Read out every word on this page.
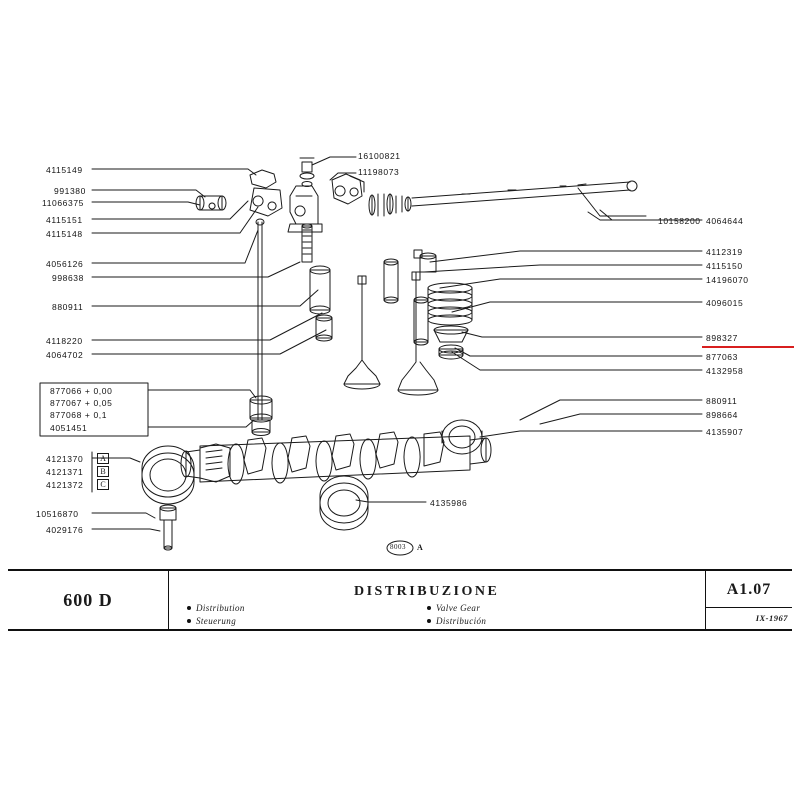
4115149
991380
11066375
4115151
4115148
4056126
998638
880911
4118220
4064702
877066 + 0,00
877067 + 0,05
877068 + 0,1
4051451
4121370
4121371
4121372
A
B
C
10516870
4029176
16100821
11198073
10158200 4064644
4112319
4115150
14196070
4096015
898327
877063
4132958
880911
898664
4135907
4135986
8003 A
600 D	DISTRIBUZIONE
Distribution
Steuerung
Valve Gear
Distribución
A1.07
IX-1967
